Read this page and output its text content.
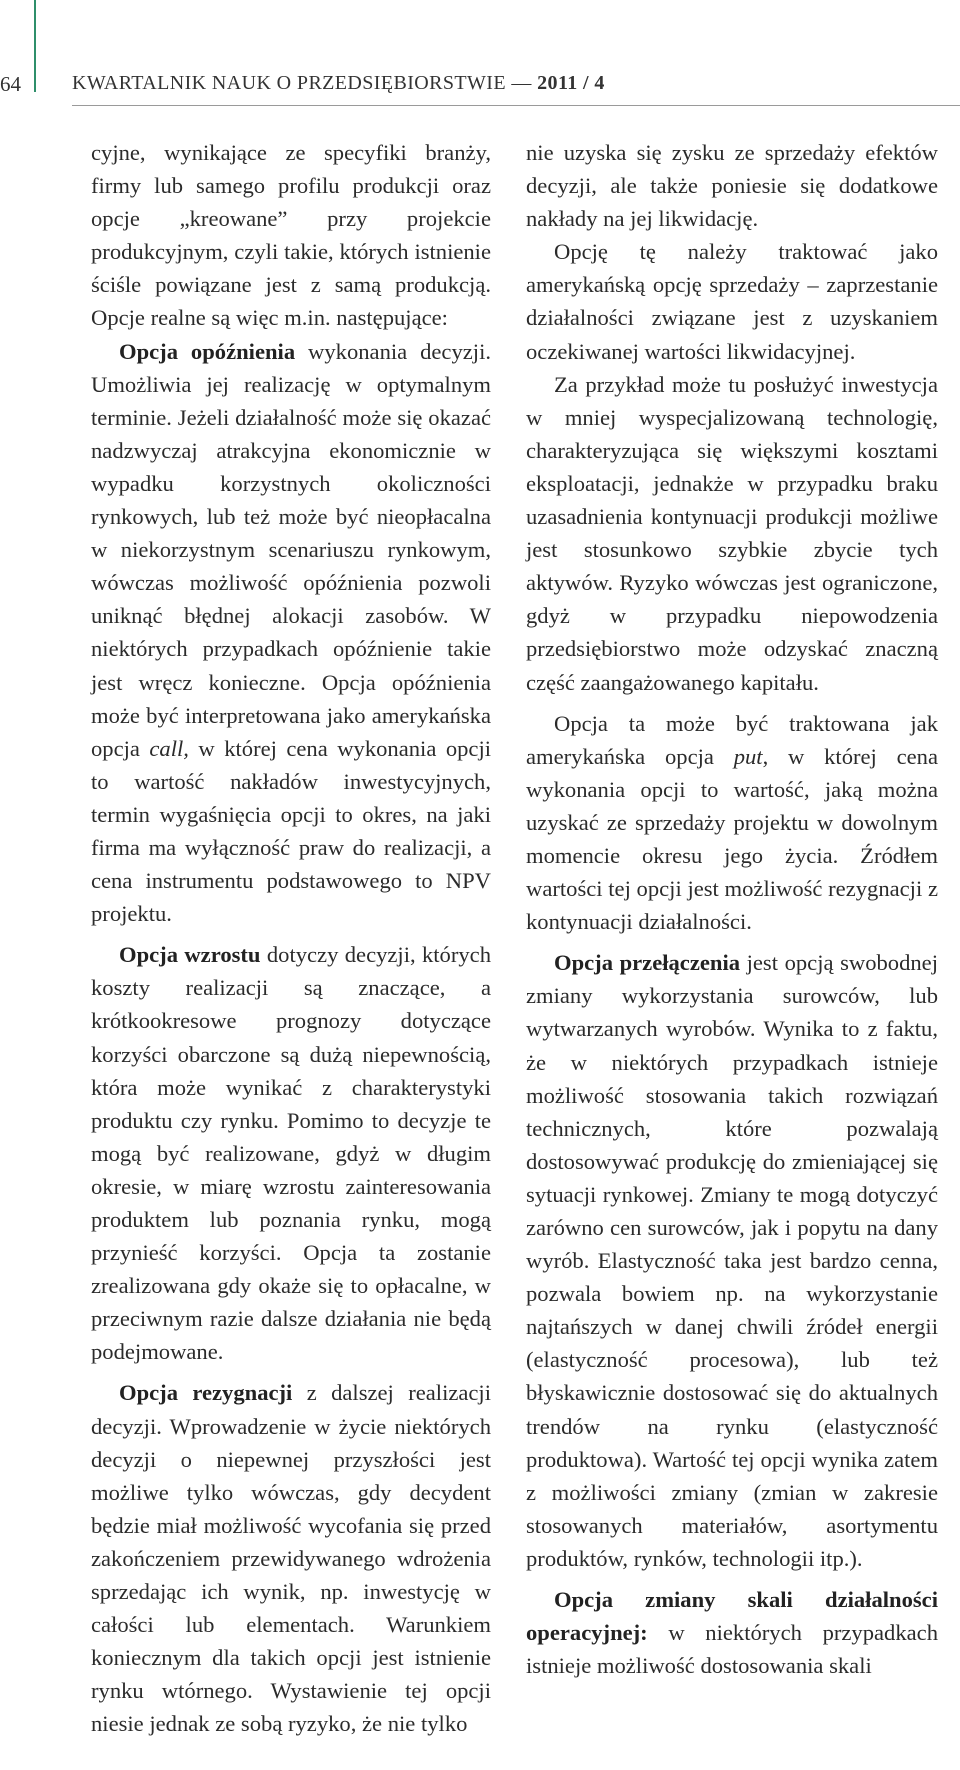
64	KWARTALNIK NAUK O PRZEDSIĘBIORSTWIE — 2011 / 4

cyjne, wynikające ze specyfiki branży, firmy lub samego profilu produkcji oraz opcje „kreowane” przy projekcie produkcyjnym, czyli takie, których istnienie ściśle powiązane jest z samą produkcją. Opcje realne są więc m.in. następujące:

Opcja opóźnienia wykonania decyzji. Umożliwia jej realizację w optymalnym terminie. Jeżeli działalność może się okazać nadzwyczaj atrakcyjna ekonomicznie w wypadku korzystnych okoliczności rynkowych, lub też może być nieopłacalna w niekorzystnym scenariuszu rynkowym, wówczas możliwość opóźnienia pozwoli uniknąć błędnej alokacji zasobów. W niektórych przypadkach opóźnienie takie jest wręcz konieczne. Opcja opóźnienia może być interpretowana jako amerykańska opcja call, w której cena wykonania opcji to wartość nakładów inwestycyjnych, termin wygaśnięcia opcji to okres, na jaki firma ma wyłączność praw do realizacji, a cena instrumentu podstawowego to NPV projektu.

Opcja wzrostu dotyczy decyzji, których koszty realizacji są znaczące, a krótkookresowe prognozy dotyczące korzyści obarczone są dużą niepewnością, która może wynikać z charakterystyki produktu czy rynku. Pomimo to decyzje te mogą być realizowane, gdyż w długim okresie, w miarę wzrostu zainteresowania produktem lub poznania rynku, mogą przynieść korzyści. Opcja ta zostanie zrealizowana gdy okaże się to opłacalne, w przeciwnym razie dalsze działania nie będą podejmowane.

Opcja rezygnacji z dalszej realizacji decyzji. Wprowadzenie w życie niektórych decyzji o niepewnej przyszłości jest możliwe tylko wówczas, gdy decydent będzie miał możliwość wycofania się przed zakończeniem przewidywanego wdrożenia sprzedając ich wynik, np. inwestycję w całości lub elementach. Warunkiem koniecznym dla takich opcji jest istnienie rynku wtórnego. Wystawienie tej opcji niesie jednak ze sobą ryzyko, że nie tylko

nie uzyska się zysku ze sprzedaży efektów decyzji, ale także poniesie się dodatkowe nakłady na jej likwidację.

Opcję tę należy traktować jako amerykańską opcję sprzedaży – zaprzestanie działalności związane jest z uzyskaniem oczekiwanej wartości likwidacyjnej.

Za przykład może tu posłużyć inwestycja w mniej wyspecjalizowaną technologię, charakteryzująca się większymi kosztami eksploatacji, jednakże w przypadku braku uzasadnienia kontynuacji produkcji możliwe jest stosunkowo szybkie zbycie tych aktywów. Ryzyko wówczas jest ograniczone, gdyż w przypadku niepowodzenia przedsiębiorstwo może odzyskać znaczną część zaangażowanego kapitału.

Opcja ta może być traktowana jak amerykańska opcja put, w której cena wykonania opcji to wartość, jaką można uzyskać ze sprzedaży projektu w dowolnym momencie okresu jego życia. Źródłem wartości tej opcji jest możliwość rezygnacji z kontynuacji działalności.

Opcja przełączenia jest opcją swobodnej zmiany wykorzystania surowców, lub wytwarzanych wyrobów. Wynika to z faktu, że w niektórych przypadkach istnieje możliwość stosowania takich rozwiązań technicznych, które pozwalają dostosowywać produkcję do zmieniającej się sytuacji rynkowej. Zmiany te mogą dotyczyć zarówno cen surowców, jak i popytu na dany wyrób. Elastyczność taka jest bardzo cenna, pozwala bowiem np. na wykorzystanie najtańszych w danej chwili źródeł energii (elastyczność procesowa), lub też błyskawicznie dostosować się do aktualnych trendów na rynku (elastyczność produktowa). Wartość tej opcji wynika zatem z możliwości zmiany (zmian w zakresie stosowanych materiałów, asortymentu produktów, rynków, technologii itp.).

Opcja zmiany skali działalności operacyjnej: w niektórych przypadkach istnieje możliwość dostosowania skali
